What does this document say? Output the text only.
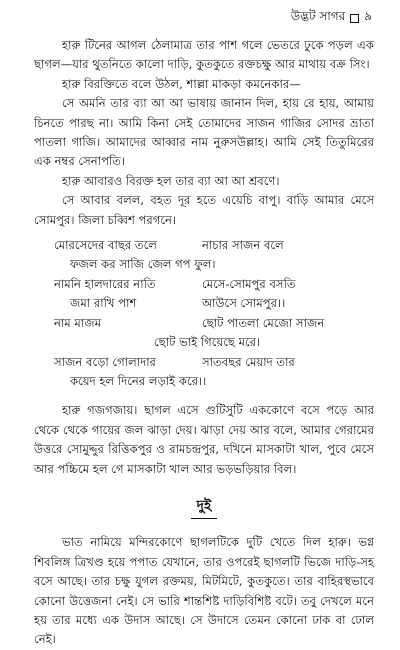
উদ্ভট সাগর ৯

হারু টিনের আগল ঠেলামাত্র তার পাশ গলে ভেতরে ঢুকে পড়ল এক ছাগল—যার থুতনিতে কালো দাড়ি, কুতকুতে রক্তচক্ষু আর মাথায় বক্র সিং।

হারু বিরক্তিতে বলে উঠল, শাল্লা মাকড়া কমনেকার—

সে অমনি তার ব্যা আ আ ভাষায় জানান দিল, হায় রে হায়, আমায় চিনতে পারছ না। আমি কিনা সেই তোমাদের সাজন গাজির সোদর ভ্রাতা পাতলা গাজি। আমাদের আব্বার নাম নুরুসউল্লাহ। আমি সেই তিতুমিরের এক নম্বর সেনাপতি।

হারু আবারও বিরক্ত হল তার ব্যা আ আ শ্রবণে।

সে আবার বলল, বহত দূর হতে এয়েচি বাপু। বাড়ি আমার মেসে সোমপুর। জিলা চব্বিশ পরগনে।

মোরসেদের বাছর তলে	নাচার সাজন বলে
ফজল কর সাজি জেল গপ ফুল।
নামনি হালদারের নাতি	মেসে-সোমপুর বসতি
জমা রাখি পাশ	আউসে সোমপুর।।
নাম মাজম	ছোট পাতলা মেজো সাজন
ছোট ভাই গিয়েছে মরে।
সাজন বড়ো গোলাদার	সাতবছর মেয়াদ তার
কয়েদ হল দিনের লড়াই করে।।

হারু গজগজায়। ছাগল এসে গুটিসুটি এককোণে বসে পড়ে আর থেকে থেকে গায়ের জল ঝাড়া দেয়। ঝাড়া দেয় আর বলে, আমার গেরামের উত্তরে সোমুদ্দুর রিত্তিকপুর ও রামচন্দ্রপুর, দখিনে মাসকাটা খাল, পুবে মেসে আর পচ্চিমে হল গে মাসকাটা খাল আর ভড়ভড়িয়ার বিল।

দুই

ভাত নামিয়ে মন্দিরকোণে ছাগলটিকে দুটি খেতে দিল হারু। ভগ্ন শিবলিঙ্গ ত্রিখণ্ড হয়ে পপাত যেখানে, তার ওপরেই ছাগলটি ভিজে দাড়ি-সহ বসে আছে। তার চক্ষু যুগল রক্তময়, মিটমিটে, কুতকুতে। তার বাহিরস্থভাবে কোনো উত্তেজনা নেই। সে ভারি শান্তশিষ্ট দাড়িবিশিষ্ট বটে। তবু দেখলে মনে হয় তার মধ্যে এক উদাস আছে। সে উদাসে তেমন কোনো ঢাক বা ঢোল নেই।
